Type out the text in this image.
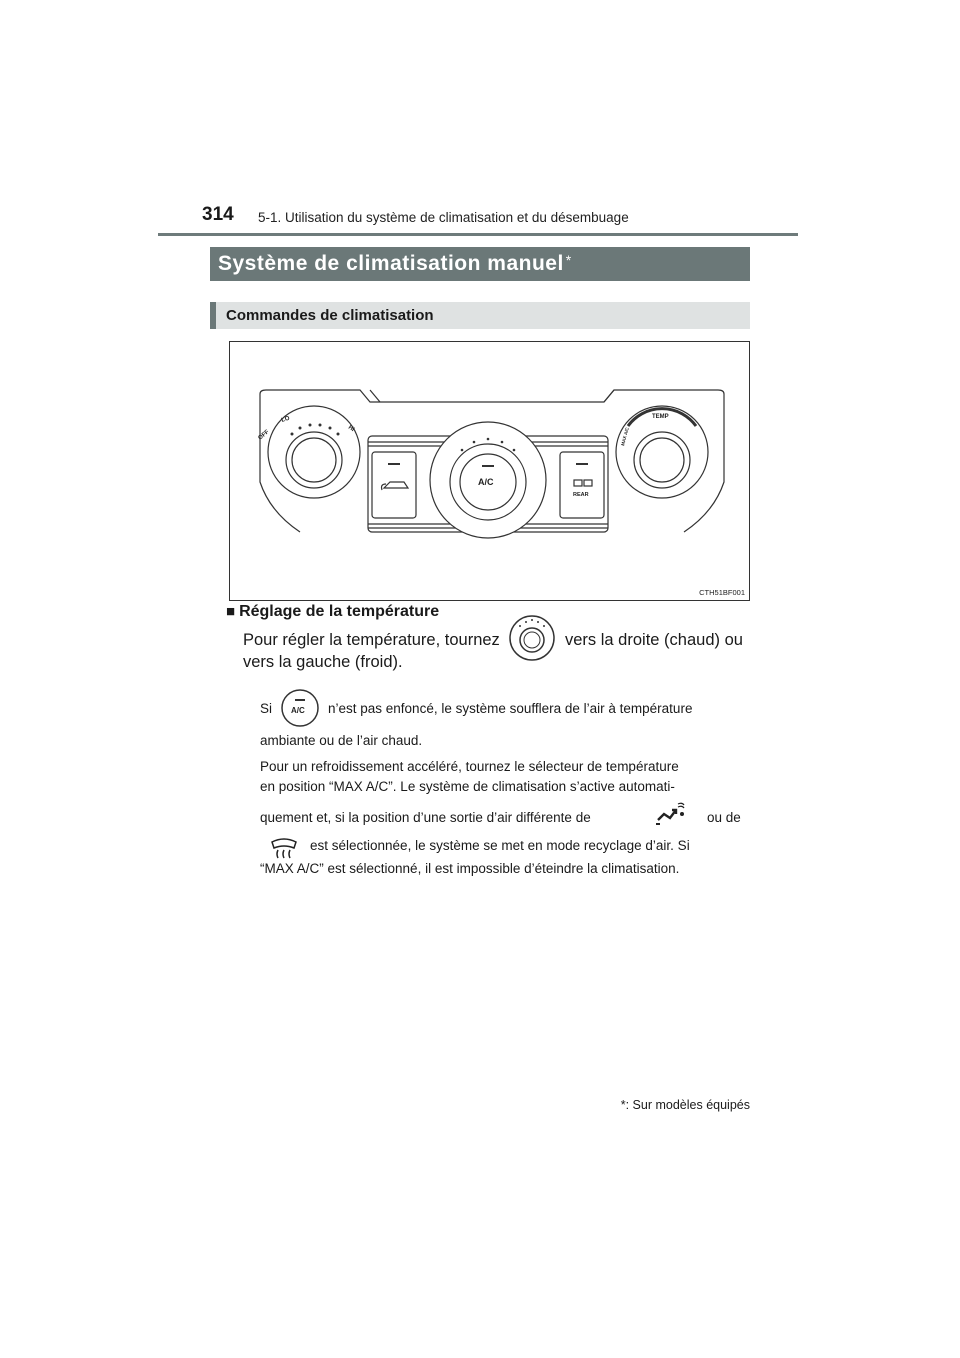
314 5-1. Utilisation du système de climatisation et du désembuage
Système de climatisation manuel*
Commandes de climatisation
OFF
LO
HI
TEMP
MAX A/C
A/C
REAR
CTH51BF001
■ Réglage de la température
Pour régler la température, tournez	vers la droite (chaud) ou
vers la gauche (froid).
Si A/C n’est pas enfoncé, le système soufflera de l’air à température
ambiante ou de l’air chaud.
Pour un refroidissement accéléré, tournez le sélecteur de température
en position “MAX A/C”. Le système de climatisation s’active automati-
quement et, si la position d’une sortie d’air différente de	ou de
est sélectionnée, le système se met en mode recyclage d’air. Si
“MAX A/C” est sélectionné, il est impossible d’éteindre la climatisation.
*: Sur modèles équipés
